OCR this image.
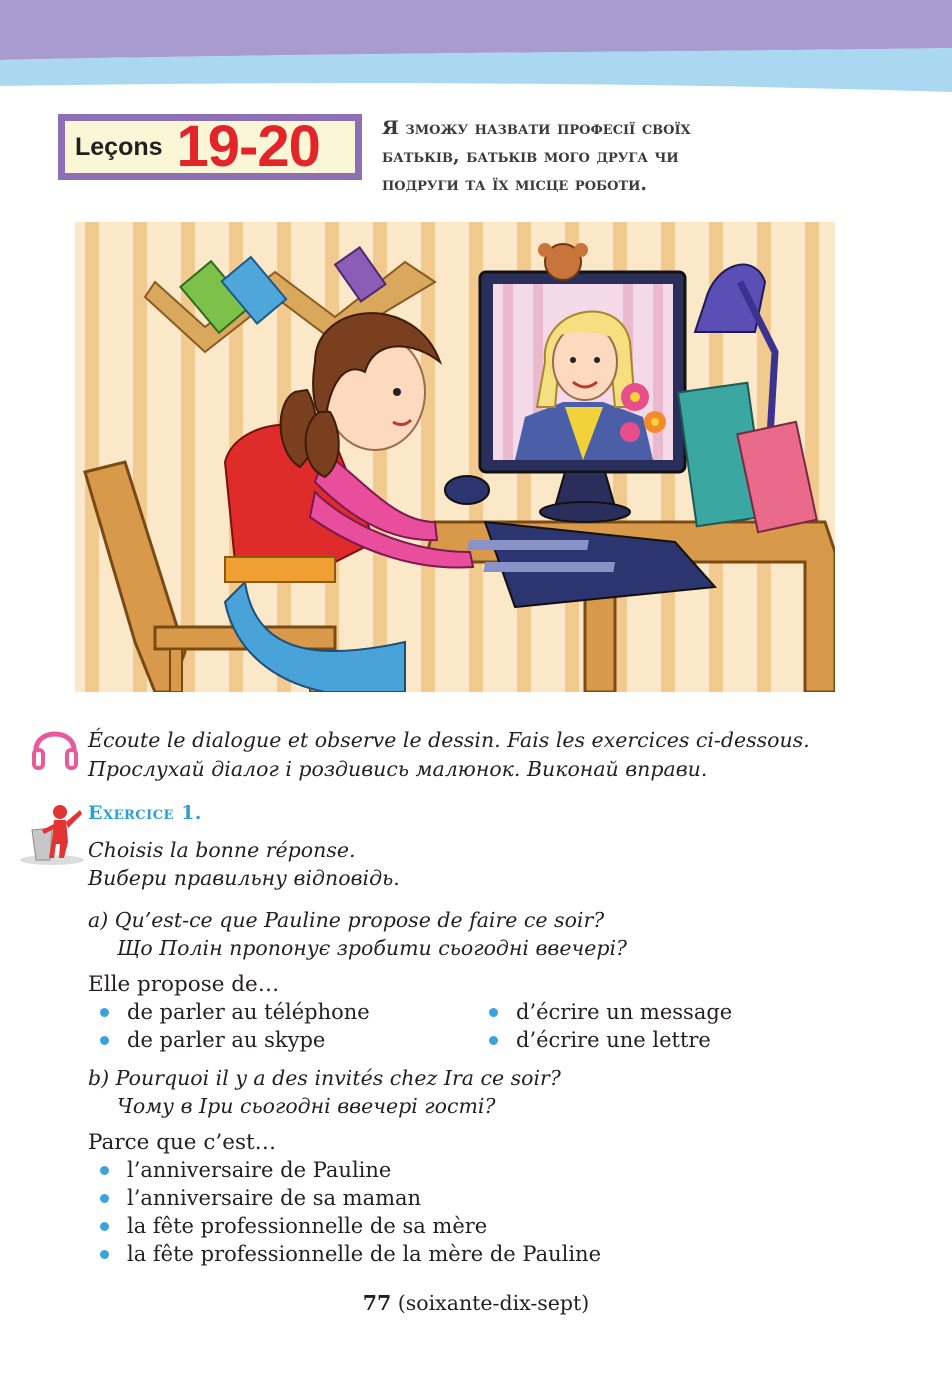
Leçons 19-20	Я зможу назвати професії своїх
батьків, батьків мого друга чи
подруги та їх місце роботи.
Écoute le dialogue et observe le dessin. Fais les exercices ci-dessous.
Прослухай діалог і роздивись малюнок. Виконай вправи.
Exercice 1.
Choisis la bonne réponse.
Вибери правильну відповідь.
a) Qu’est-ce que Pauline propose de faire ce soir?
Що Полін пропонує зробити сьогодні ввечері?
Elle propose de…
de parler au téléphone
de parler au skype
d’écrire un message
d’écrire une lettre
b) Pourquoi il y a des invités chez Ira ce soir?
Чому в Іри сьогодні ввечері гості?
Parce que c’est…
l’anniversaire de Pauline
l’anniversaire de sa maman
la fête professionnelle de sa mère
la fête professionnelle de la mère de Pauline
77 (soixante-dix-sept)
